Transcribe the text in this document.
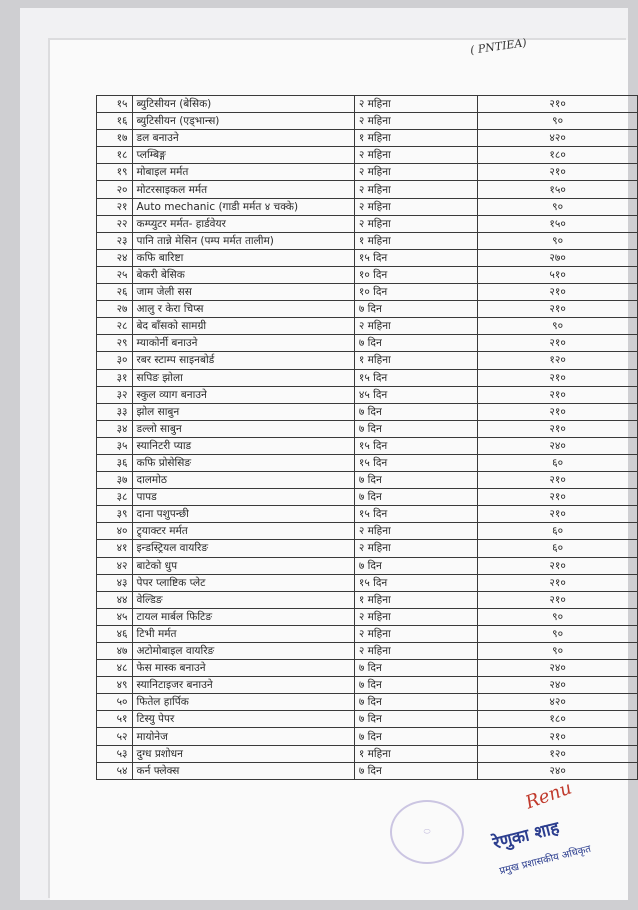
( PNTIEA)
१५	ब्युटिसीयन (बेसिक)	२ महिना	२१०
१६	ब्युटिसीयन (एड्भान्स)	२ महिना	९०
१७	डल बनाउने	१ महिना	४२०
१८	प्लम्बिङ्ग	२ महिना	१८०
१९	मोबाइल मर्मत	२ महिना	२१०
२०	मोटरसाइकल मर्मत	२ महिना	१५०
२१	Auto mechanic (गाडी मर्मत ४ चक्के)	२ महिना	९०
२२	कम्प्युटर मर्मत- हार्डवेयर	२ महिना	१५०
२३	पानि तान्ने मेसिन (पम्प मर्मत तालीम)	१ महिना	९०
२४	कफि बारिष्टा	१५ दिन	२७०
२५	बेकरी बेसिक	१० दिन	५१०
२६	जाम जेली सस	१० दिन	२१०
२७	आलु र केरा चिप्स	७ दिन	२१०
२८	बेद बाँसको सामग्री	२ महिना	९०
२९	म्याकोर्नी बनाउने	७ दिन	२१०
३०	रबर स्टाम्प साइनबोर्ड	१ महिना	१२०
३१	सपिङ झोला	१५ दिन	२१०
३२	स्कुल व्याग बनाउने	४५ दिन	२१०
३३	झोल साबुन	७ दिन	२१०
३४	डल्लो साबुन	७ दिन	२१०
३५	स्यानिटरी प्याड	१५ दिन	२४०
३६	कफि प्रोसेसिङ	१५ दिन	६०
३७	दालमोठ	७ दिन	२१०
३८	पापड	७ दिन	२१०
३९	दाना पशुपन्छी	१५ दिन	२१०
४०	ट्र्याक्टर मर्मत	२ महिना	६०
४१	इन्डस्ट्रियल वायरिङ	२ महिना	६०
४२	बाटेको धुप	७ दिन	२१०
४३	पेपर प्लाष्टिक प्लेट	१५ दिन	२१०
४४	वेल्डिङ	१ महिना	२१०
४५	टायल मार्बल फिटिङ	२ महिना	९०
४६	टिभी मर्मत	२ महिना	९०
४७	अटोमोबाइल वायरिङ	२ महिना	९०
४८	फेस मास्क बनाउने	७ दिन	२४०
४९	स्यानिटाइजर बनाउने	७ दिन	२४०
५०	फितेल हार्पिक	७ दिन	४२०
५१	टिस्यु पेपर	७ दिन	१८०
५२	मायोनेज	७ दिन	२१०
५३	दुग्ध प्रशोधन	१ महिना	१२०
५४	कर्न फ्लेक्स	७ दिन	२४०
⬭
Renu
रेणुका शाह
प्रमुख प्रशासकीय अधिकृत
